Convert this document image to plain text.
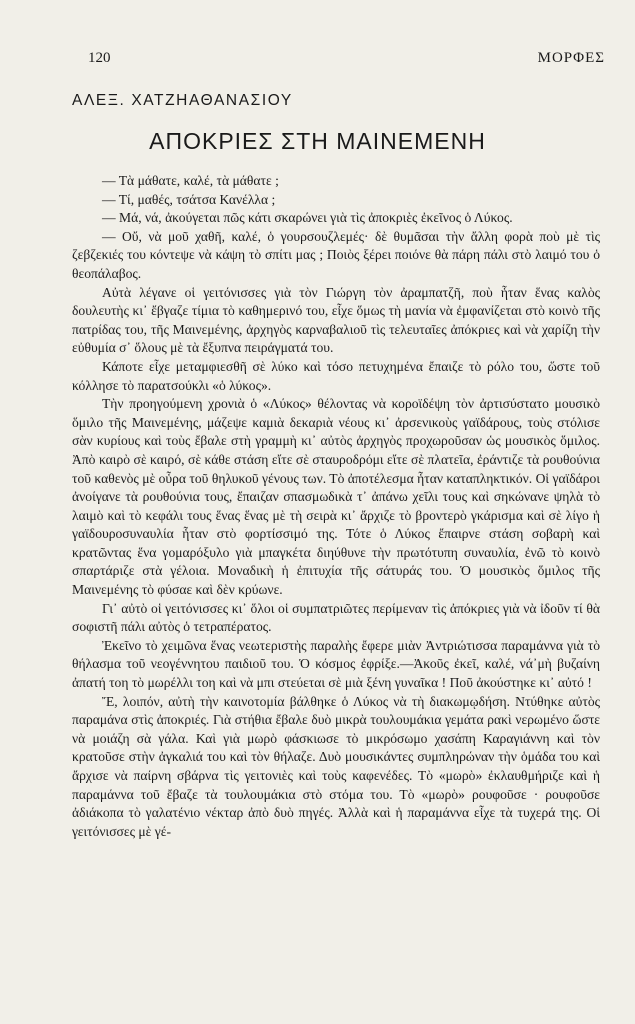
120	ΜΟΡΦΕΣ
ΑΛΕΞ. ΧΑΤΖΗΑΘΑΝΑΣΙΟΥ
ΑΠΟΚΡΙΕΣ ΣΤΗ ΜΑΙΝΕΜΕΝΗ

— Τὰ μάθατε, καλέ, τὰ μάθατε ;

— Τί, μαθές, τσάτσα Κανέλλα ;

— Μά, νά, ἀκούγεται πῶς κάτι σκαρώνει γιὰ τὶς ἀποκριὲς ἐκεῖνος ὁ Λύκος.

— Οὔ, νὰ μοῦ χαθῆ, καλέ, ὁ γουρσουζλεμές· δὲ θυμᾶσαι τὴν ἄλλη φορὰ ποὺ μὲ τὶς ζεβζεκιές του κόντεψε νὰ κάψη τὸ σπίτι μας ; Ποιὸς ξέρει ποιόνε θὰ πάρη πάλι στὸ λαιμό του ὁ θεοπάλαβος.

Αὐτὰ λέγανε οἱ γειτόνισσες γιὰ τὸν Γιώργη τὸν ἀραμπατζῆ, ποὺ ἦταν ἕνας καλὸς δουλευτὴς κι᾽ ἔβγαζε τίμια τὸ καθημερινό του, εἶχε ὅμως τὴ μανία νὰ ἐμφανίζεται στὸ κοινὸ τῆς πατρίδας του, τῆς Μαινεμένης, ἀρχηγὸς καρναβαλιοῦ τὶς τελευταῖες ἀπόκριες καὶ νὰ χαρίζη τὴν εὐθυμία σ᾽ ὅλους μὲ τὰ ἔξυπνα πειράγματά του.

Κάποτε εἶχε μεταμφιεσθῆ σὲ λύκο καὶ τόσο πετυχημένα ἔπαιζε τὸ ρόλο του, ὥστε τοῦ κόλλησε τὸ παρατσούκλι «ὁ λύκος».

Τὴν προηγούμενη χρονιὰ ὁ «Λύκος» θέλοντας νὰ κοροϊδέψη τὸν ἀρτισύστατο μουσικὸ ὅμιλο τῆς Μαινεμένης, μάζεψε καμιὰ δεκαριὰ νέους κι᾽ ἀρσενικοὺς γαϊδάρους, τοὺς στόλισε σὰν κυρίους καὶ τοὺς ἔβαλε στὴ γραμμὴ κι᾽ αὐτὸς ἀρχηγὸς προχωροῦσαν ὡς μουσικὸς ὅμιλος. Ἀπὸ καιρὸ σὲ καιρό, σὲ κάθε στάση εἴτε σὲ σταυροδρόμι εἴτε σὲ πλατεῖα, ἐράντιζε τὰ ρουθούνια τοῦ καθενὸς μὲ οὖρα τοῦ θηλυκοῦ γένους των. Τὸ ἀποτέλεσμα ἦταν καταπληκτικόν. Οἱ γαϊδάροι ἀνοίγανε τὰ ρουθούνια τους, ἔπαιζαν σπασμωδικὰ τ᾽ ἀπάνω χεῖλι τους καὶ σηκώνανε ψηλὰ τὸ λαιμὸ καὶ τὸ κεφάλι τους ἕνας ἕνας μὲ τὴ σειρὰ κι᾽ ἄρχιζε τὸ βροντερὸ γκάρισμα καὶ σὲ λίγο ἡ γαϊδουροσυναυλία ἦταν στὸ φορτίσσιμό της. Τότε ὁ Λύκος ἔπαιρνε στάση σοβαρὴ καὶ κρατῶντας ἕνα γομαρόξυλο γιὰ μπαγκέτα διηύθυνε τὴν πρωτότυπη συναυλία, ἐνῶ τὸ κοινὸ σπαρτάριζε στὰ γέλοια. Μοναδικὴ ἡ ἐπιτυχία τῆς σάτυράς του. Ὁ μουσικὸς ὅμιλος τῆς Μαινεμένης τὸ φύσαε καὶ δὲν κρύωνε.

Γι᾽ αὐτὸ οἱ γειτόνισσες κι᾽ ὅλοι οἱ συμπατριῶτες περίμεναν τὶς ἀπόκριες γιὰ νὰ ἰδοῦν τί θὰ σοφιστῆ πάλι αὐτὸς ὁ τετραπέρατος.

Ἐκεῖνο τὸ χειμῶνα ἕνας νεωτεριστὴς παραλὴς ἔφερε μιὰν Ἀντριώτισσα παραμάννα γιὰ τὸ θήλασμα τοῦ νεογέννητου παιδιοῦ του. Ὁ κόσμος ἐφρίξε.—Ἀκοῦς ἐκεῖ, καλέ, νά᾽μὴ βυζαίνη ἀπατή τοη τὸ μωρέλλι τοη καὶ νὰ μπι στεύεται σὲ μιὰ ξένη γυναῖκα ! Ποῦ ἀκούστηκε κι᾽ αὐτό !

Ἔ, λοιπόν, αὐτὴ τὴν καινοτομία βάλθηκε ὁ Λύκος νὰ τὴ διακωμῳδήση. Ντύθηκε αὐτὸς παραμάνα στὶς ἀποκριές. Γιὰ στήθια ἔβαλε δυὸ μικρὰ τουλουμάκια γεμάτα ρακὶ νερωμένο ὥστε νὰ μοιάζη σὰ γάλα. Καὶ γιὰ μωρὸ φάσκιωσε τὸ μικρόσωμο χασάπη Καραγιάννη καὶ τὸν κρατοῦσε στὴν ἀγκαλιά του καὶ τὸν θήλαζε. Δυὸ μουσικάντες συμπληρώναν τὴν ὁμάδα του καὶ ἄρχισε νὰ παίρνη σβάρνα τὶς γειτονιὲς καὶ τοὺς καφενέδες. Τὸ «μωρὸ» ἐκλαυθμήριζε καὶ ἡ παραμάννα τοῦ ἔβαζε τὰ τουλουμάκια στὸ στόμα του. Τὸ «μωρὸ» ρουφοῦσε · ρουφοῦσε ἀδιάκοπα τὸ γαλατένιο νέκταρ ἀπὸ δυὸ πηγές. Ἀλλὰ καὶ ἡ παραμάννα εἶχε τὰ τυχερά της. Οἱ γειτόνισσες μὲ γέ-
